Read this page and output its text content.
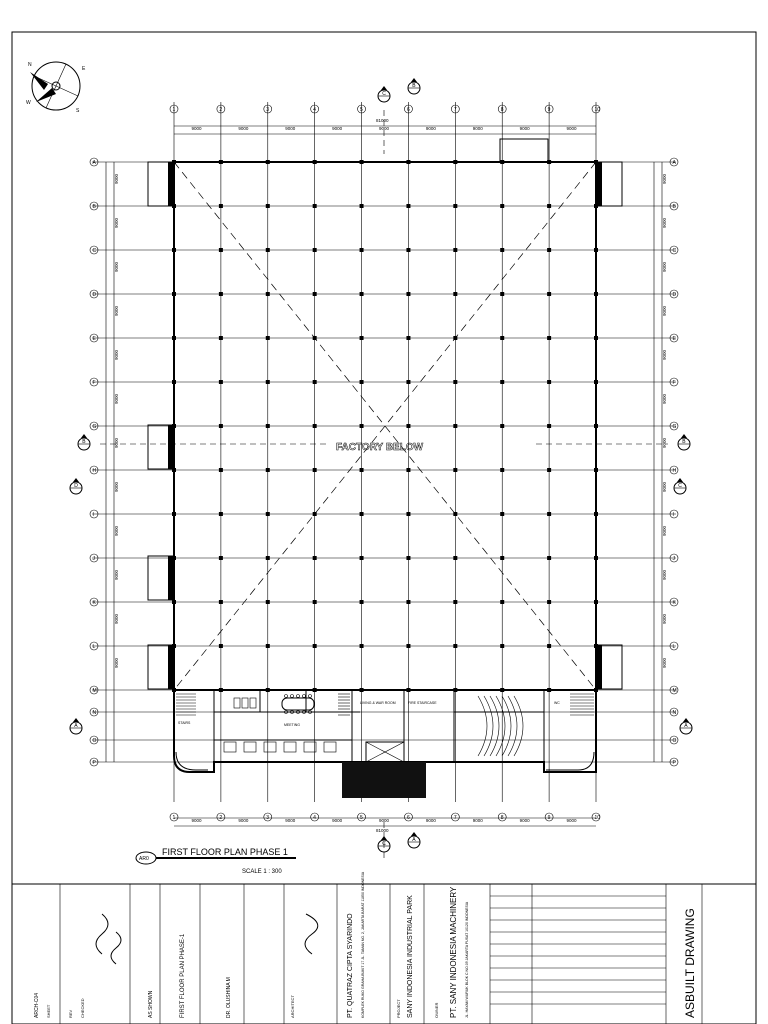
N
E
S
W
1
1
9000
9000
2
2
9000
9000
3
3
9000
9000
4
4
9000
9000
5
5
9000
9000
6
6
9000
9000
7
7
9000
9000
8
8
9000
9000
9
9
9000
9000
10
10
81000
81000
A	A
B	B
C	C
D	D
E	E
F	F
G	G
H	H
I	I
J	J
K	K
L	L
M	M
N	N
O	O
P	P
9000	9000
9000	9000
9000	9000
9000	9000
9000	9000
9000	9000
9000	9000
9000	9000
9000	9000
9000	9000
9000	9000
9000	9000
FACTORY BELOW
B	B
D	C
C
B
C
A
A	A
LIVING & WAR ROOM	FIRE STAIRCASE
STAIRS	MEETING
WC
AR0
FIRST FLOOR PLAN PHASE 1
SCALE 1 : 300
ARCH-C04 SHEET	REV CHECKED	AS SHOWN	FIRST FLOOR PLAN PHASE-1	DR. OLUSHINA M	ARCHITECT	PT. QUATRAZ CIPTA SYARINDO KOMPLEK RUKO GRAHA BUKIT 17 JL. TAMAN NO. 2, JAKARTA BARAT 11850 INDONESIA	PROJECT SANY INDONESIA INDUSTRIAL PARK	OWNER PT. SANY INDONESIA MACHINERY JL. HAYAM WURUK BLOK C NO.09 JAKARTA PUSAT 10120 INDONESIA	ASBUILT DRAWING
